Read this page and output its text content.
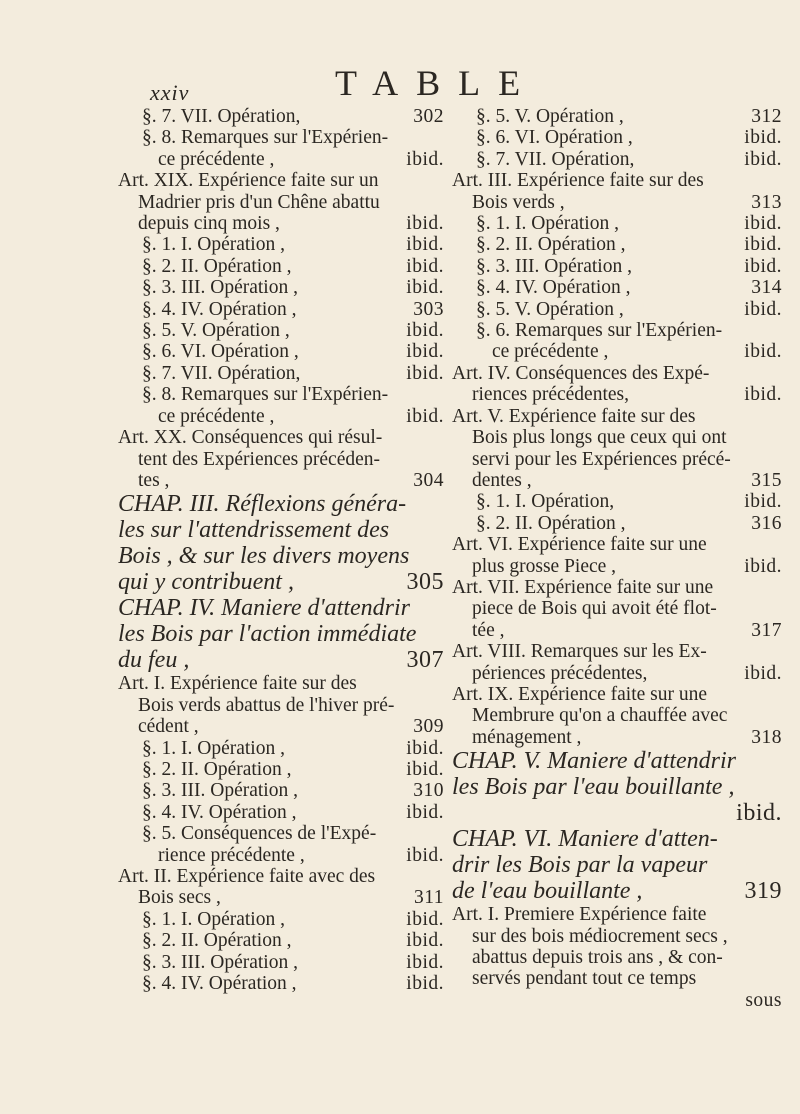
xxiv	TABLE
302
§. 7. VII. Opération,
§. 8. Remarques sur l'Expérien-
ibid.
ce précédente ,
Art. XIX. Expérience faite sur un
Madrier pris d'un Chêne abattu
ibid.
depuis cinq mois ,
ibid.
§. 1. I. Opération ,
ibid.
§. 2. II. Opération ,
ibid.
§. 3. III. Opération ,
303
§. 4. IV. Opération ,
ibid.
§. 5. V. Opération ,
ibid.
§. 6. VI. Opération ,
ibid.
§. 7. VII. Opération,
§. 8. Remarques sur l'Expérien-
ibid.
ce précédente ,
Art. XX. Conséquences qui résul-
tent des Expériences précéden-
304
tes ,
CHAP. III. Réflexions généra-
les sur l'attendrissement des
Bois , & sur les divers moyens
305
qui y contribuent ,
CHAP. IV. Maniere d'attendrir
les Bois par l'action immédiate
307
du feu ,
Art. I. Expérience faite sur des
Bois verds abattus de l'hiver pré-
309
cédent ,
ibid.
§. 1. I. Opération ,
ibid.
§. 2. II. Opération ,
310
§. 3. III. Opération ,
ibid.
§. 4. IV. Opération ,
§. 5. Conséquences de l'Expé-
ibid.
rience précédente ,
Art. II. Expérience faite avec des
311
Bois secs ,
ibid.
§. 1. I. Opération ,
ibid.
§. 2. II. Opération ,
ibid.
§. 3. III. Opération ,
ibid.
§. 4. IV. Opération ,
312
§. 5. V. Opération ,
ibid.
§. 6. VI. Opération ,
ibid.
§. 7. VII. Opération,
Art. III. Expérience faite sur des
313
Bois verds ,
ibid.
§. 1. I. Opération ,
ibid.
§. 2. II. Opération ,
ibid.
§. 3. III. Opération ,
314
§. 4. IV. Opération ,
ibid.
§. 5. V. Opération ,
§. 6. Remarques sur l'Expérien-
ibid.
ce précédente ,
Art. IV. Conséquences des Expé-
ibid.
riences précédentes,
Art. V. Expérience faite sur des
Bois plus longs que ceux qui ont
servi pour les Expériences précé-
315
dentes ,
ibid.
§. 1. I. Opération,
316
§. 2. II. Opération ,
Art. VI. Expérience faite sur une
ibid.
plus grosse Piece ,
Art. VII. Expérience faite sur une
piece de Bois qui avoit été flot-
317
tée ,
Art. VIII. Remarques sur les Ex-
ibid.
périences précédentes,
Art. IX. Expérience faite sur une
Membrure qu'on a chauffée avec
318
ménagement ,
CHAP. V. Maniere d'attendrir
les Bois par l'eau bouillante ,
ibid.
CHAP. VI. Maniere d'atten-
drir les Bois par la vapeur
319
de l'eau bouillante ,
Art. I. Premiere Expérience faite
sur des bois médiocrement secs ,
abattus depuis trois ans , & con-
servés pendant tout ce temps
sous
